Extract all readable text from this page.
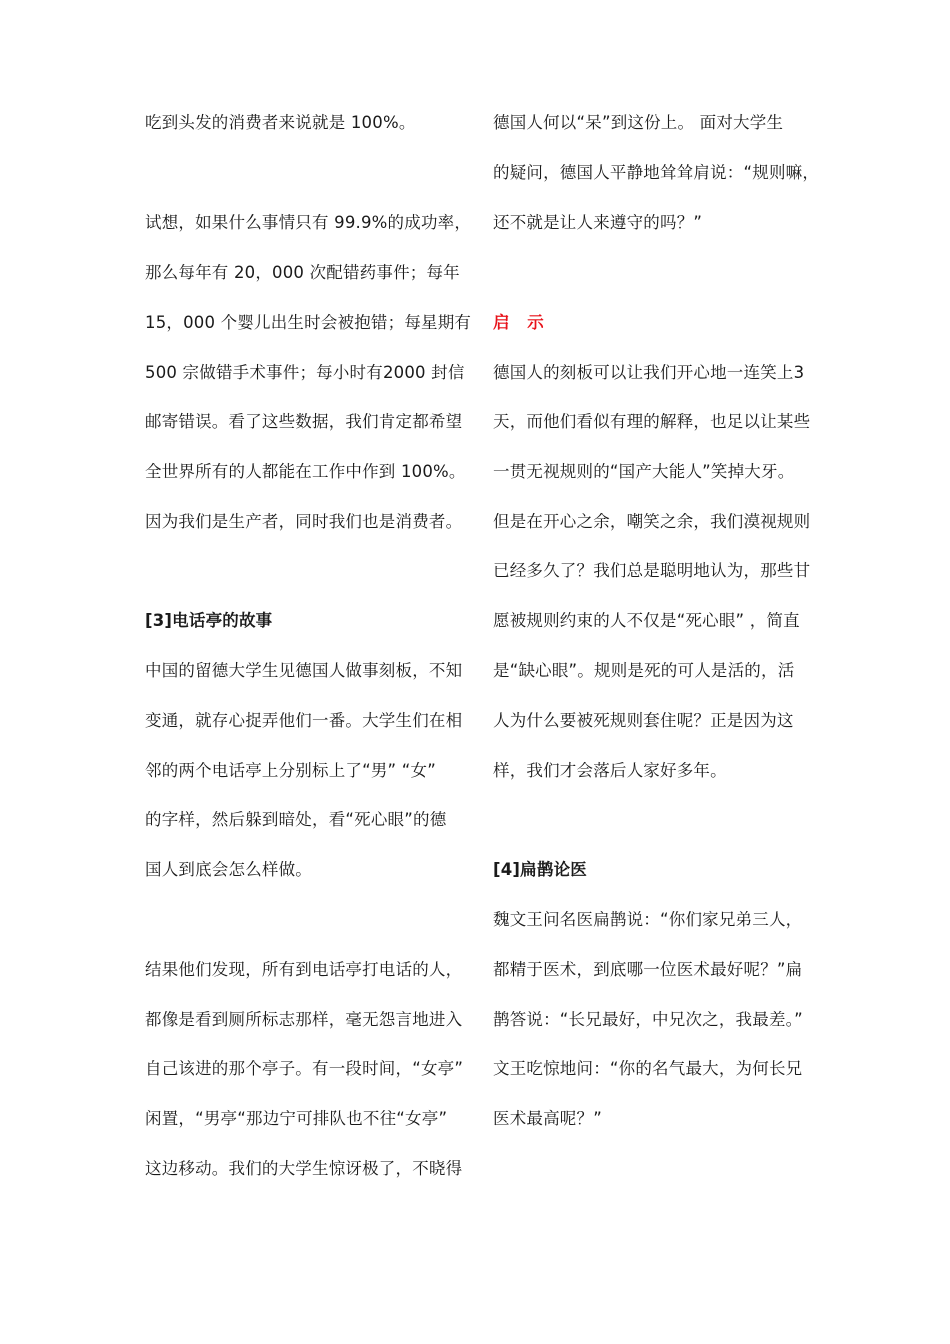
吃到头发的消费者来说就是 100%。
试想，如果什么事情只有 99.9%的成功率，
那么每年有 20，000 次配错药事件；每年
15，000 个婴儿出生时会被抱错；每星期有
500 宗做错手术事件；每小时有2000 封信
邮寄错误。看了这些数据，我们肯定都希望
全世界所有的人都能在工作中作到 100%。
因为我们是生产者，同时我们也是消费者。
[3]电话亭的故事
中国的留德大学生见德国人做事刻板，不知
变通，就存心捉弄他们一番。大学生们在相
邻的两个电话亭上分别标上了“男” “女”
的字样，然后躲到暗处，看“死心眼”的德
国人到底会怎么样做。
结果他们发现，所有到电话亭打电话的人，
都像是看到厕所标志那样，毫无怨言地进入
自己该进的那个亭子。有一段时间，“女亭”
闲置，“男亭“那边宁可排队也不往“女亭”
这边移动。我们的大学生惊讶极了，不晓得
德国人何以“呆”到这份上。 面对大学生
的疑问，德国人平静地耸耸肩说：“规则嘛，
还不就是让人来遵守的吗？”
启 示
德国人的刻板可以让我们开心地一连笑上3
天，而他们看似有理的解释，也足以让某些
一贯无视规则的“国产大能人”笑掉大牙。
但是在开心之余，嘲笑之余，我们漠视规则
已经多久了？我们总是聪明地认为，那些甘
愿被规则约束的人不仅是“死心眼” ，简直
是“缺心眼”。规则是死的可人是活的，活
人为什么要被死规则套住呢？正是因为这
样，我们才会落后人家好多年。
[4]扁鹊论医
魏文王问名医扁鹊说：“你们家兄弟三人，
都精于医术，到底哪一位医术最好呢？”扁
鹊答说：“长兄最好，中兄次之，我最差。”
文王吃惊地问：“你的名气最大，为何长兄
医术最高呢？”
